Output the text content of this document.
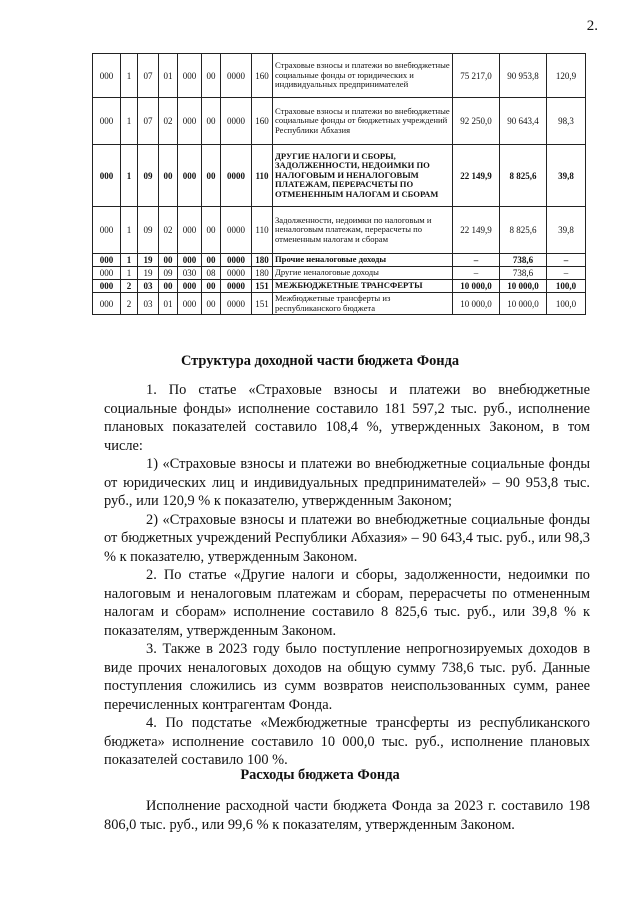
2.
000	1	07	01	000	00	0000	160	Страховые взносы и платежи во внебюджетные социальные фонды от юридических и индивидуальных предпринимателей	75 217,0	90 953,8	120,9
000	1	07	02	000	00	0000	160	Страховые взносы и платежи во внебюджетные социальные фонды от бюджетных учреждений Республики Абхазия	92 250,0	90 643,4	98,3
000	1	09	00	000	00	0000	110	ДРУГИЕ НАЛОГИ И СБОРЫ, ЗАДОЛЖЕННОСТИ, НЕДОИМКИ ПО НАЛОГОВЫМ И НЕНАЛОГОВЫМ ПЛАТЕЖАМ, ПЕРЕРАСЧЕТЫ ПО ОТМЕНЕННЫМ НАЛОГАМ И СБОРАМ	22 149,9	8 825,6	39,8
000	1	09	02	000	00	0000	110	Задолженности, недоимки по налоговым и неналоговым платежам, перерасчеты по отмененным налогам и сборам	22 149,9	8 825,6	39,8
000	1	19	00	000	00	0000	180	Прочие неналоговые доходы	–	738,6	–
000	1	19	09	030	08	0000	180	Другие неналоговые доходы	–	738,6	–
000	2	03	00	000	00	0000	151	МЕЖБЮДЖЕТНЫЕ ТРАНСФЕРТЫ	10 000,0	10 000,0	100,0
000	2	03	01	000	00	0000	151	Межбюджетные трансферты из республиканского бюджета	10 000,0	10 000,0	100,0
Структура доходной части бюджета Фонда

1. По статье «Страховые взносы и платежи во внебюджетные социальные фонды» исполнение составило 181 597,2 тыс. руб., исполнение плановых показателей составило 108,4 %, утвержденных Законом, в том числе:

1) «Страховые взносы и платежи во внебюджетные социальные фонды от юридических лиц и индивидуальных предпринимателей» – 90 953,8 тыс. руб., или 120,9 % к показателю, утвержденным Законом;

2) «Страховые взносы и платежи во внебюджетные социальные фонды от бюджетных учреждений Республики Абхазия» – 90 643,4 тыс. руб., или 98,3 % к показателю, утвержденным Законом.

2. По статье «Другие налоги и сборы, задолженности, недоимки по налоговым и неналоговым платежам и сборам, перерасчеты по отмененным налогам и сборам» исполнение составило 8 825,6 тыс. руб., или 39,8 % к показателям, утвержденным Законом.

3. Также в 2023 году было поступление непрогнозируемых доходов в виде прочих неналоговых доходов на общую сумму 738,6 тыс. руб. Данные поступления сложились из сумм возвратов неиспользованных сумм, ранее перечисленных контрагентам Фонда.

4. По подстатье «Межбюджетные трансферты из республиканского бюджета» исполнение составило 10 000,0 тыс. руб., исполнение плановых показателей составило 100 %.

Расходы бюджета Фонда

Исполнение расходной части бюджета Фонда за 2023 г. составило 198 806,0 тыс. руб., или 99,6 % к показателям, утвержденным Законом.
